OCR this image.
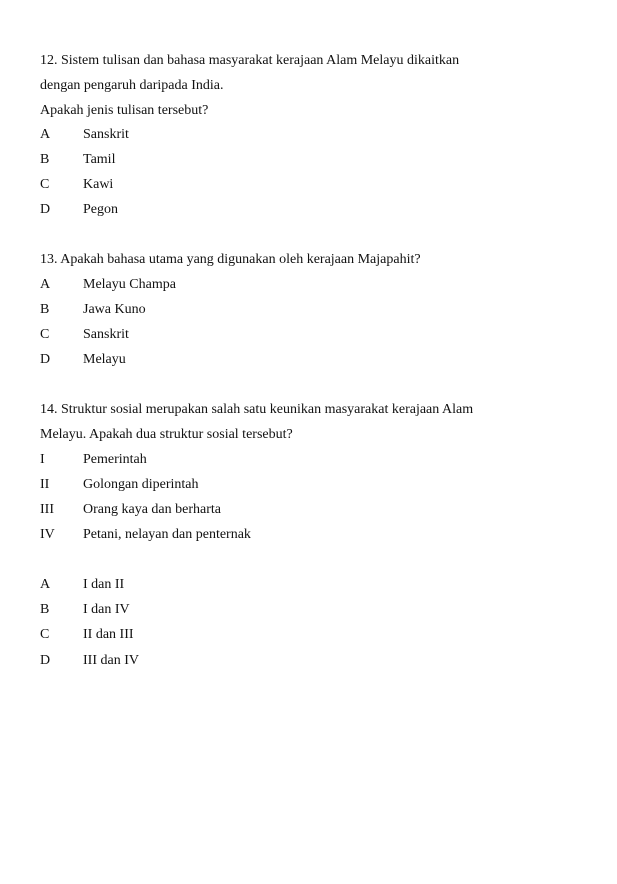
12. Sistem tulisan dan bahasa masyarakat kerajaan Alam Melayu dikaitkan
dengan pengaruh daripada India.
Apakah jenis tulisan tersebut?
A Sanskrit
B Tamil
C Kawi
D Pegon
13. Apakah bahasa utama yang digunakan oleh kerajaan Majapahit?
A Melayu Champa
B Jawa Kuno
C Sanskrit
D Melayu
14. Struktur sosial merupakan salah satu keunikan masyarakat kerajaan Alam
Melayu. Apakah dua struktur sosial tersebut?
I	Pemerintah
II Golongan diperintah
III Orang kaya dan berharta
IV Petani, nelayan dan penternak
A I dan II
B I dan IV
C II dan III
D III dan IV
